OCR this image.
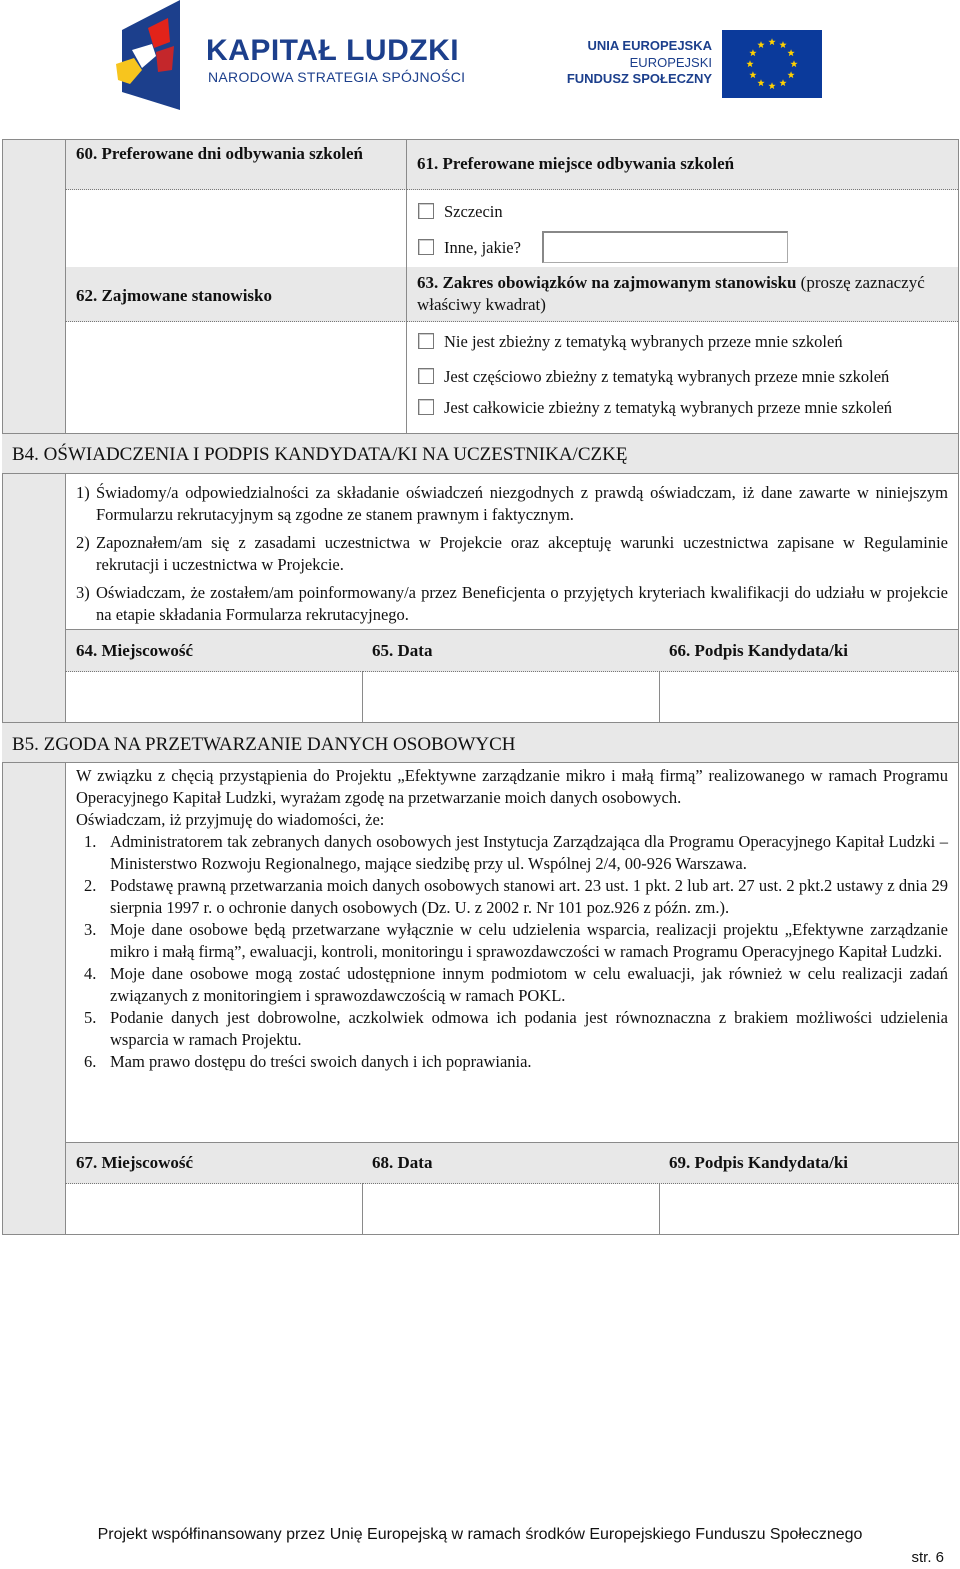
KAPITAŁ LUDZKI
NARODOWA STRATEGIA SPÓJNOŚCI
UNIA EUROPEJSKA
EUROPEJSKI
FUNDUSZ SPOŁECZNY
60. Preferowane dni odbywania szkoleń
61. Preferowane miejsce odbywania szkoleń
Szczecin
Inne, jakie?
62. Zajmowane stanowisko
63. Zakres obowiązków na zajmowanym stanowisku (proszę zaznaczyć właściwy kwadrat)
Nie jest zbieżny z tematyką wybranych przeze mnie szkoleń
Jest częściowo zbieżny z tematyką wybranych przeze mnie szkoleń
Jest całkowicie zbieżny z tematyką wybranych przeze mnie szkoleń
B4. OŚWIADCZENIA I PODPIS KANDYDATA/KI NA UCZESTNIKA/CZKĘ
1) Świadomy/a odpowiedzialności za składanie oświadczeń niezgodnych z prawdą oświadczam, iż dane zawarte w niniejszym Formularzu rekrutacyjnym są zgodne ze stanem prawnym i faktycznym.
2) Zapoznałem/am się z zasadami uczestnictwa w Projekcie oraz akceptuję warunki uczestnictwa zapisane w Regulaminie rekrutacji i uczestnictwa w Projekcie.
3) Oświadczam, że zostałem/am poinformowany/a przez Beneficjenta o przyjętych kryteriach kwalifikacji do udziału w projekcie na etapie składania Formularza rekrutacyjnego.
64. Miejscowość	65. Data	66. Podpis Kandydata/ki
B5. ZGODA NA PRZETWARZANIE DANYCH OSOBOWYCH
W związku z chęcią przystąpienia do Projektu „Efektywne zarządzanie mikro i małą firmą” realizowanego w ramach Programu Operacyjnego Kapitał Ludzki, wyrażam zgodę na przetwarzanie moich danych osobowych.
Oświadczam, iż przyjmuję do wiadomości, że:
1. Administratorem tak zebranych danych osobowych jest Instytucja Zarządzająca dla Programu Operacyjnego Kapitał Ludzki – Ministerstwo Rozwoju Regionalnego, mające siedzibę przy ul. Wspólnej 2/4, 00-926 Warszawa.
2. Podstawę prawną przetwarzania moich danych osobowych stanowi art. 23 ust. 1 pkt. 2 lub art. 27 ust. 2 pkt.2 ustawy z dnia 29 sierpnia 1997 r. o ochronie danych osobowych (Dz. U. z 2002 r. Nr 101 poz.926 z późn. zm.).
3. Moje dane osobowe będą przetwarzane wyłącznie w celu udzielenia wsparcia, realizacji projektu „Efektywne zarządzanie mikro i małą firmą”, ewaluacji, kontroli, monitoringu i sprawozdawczości w ramach Programu Operacyjnego Kapitał Ludzki.
4. Moje dane osobowe mogą zostać udostępnione innym podmiotom w celu ewaluacji, jak również w celu realizacji zadań związanych z monitoringiem i sprawozdawczością w ramach POKL.
5. Podanie danych jest dobrowolne, aczkolwiek odmowa ich podania jest równoznaczna z brakiem możliwości udzielenia wsparcia w ramach Projektu.
6. Mam prawo dostępu do treści swoich danych i ich poprawiania.
67. Miejscowość	68. Data	69. Podpis Kandydata/ki
Projekt współfinansowany przez Unię Europejską w ramach środków Europejskiego Funduszu Społecznego
str. 6
